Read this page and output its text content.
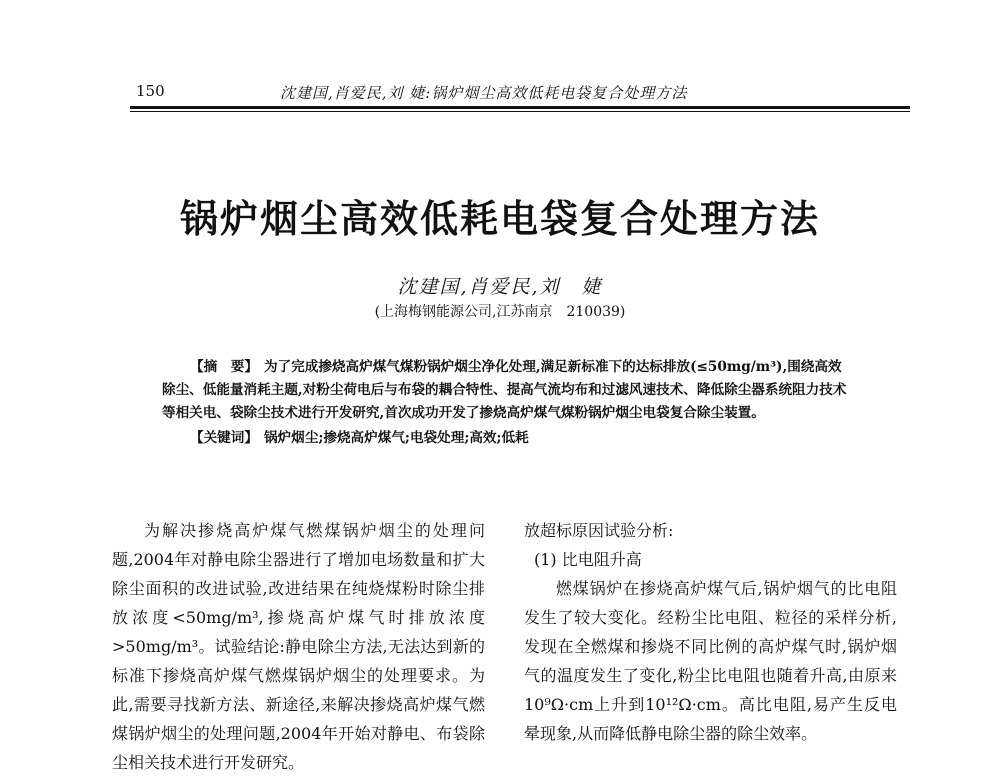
150	沈建国,肖爱民,刘 婕:锅炉烟尘高效低耗电袋复合处理方法
锅炉烟尘高效低耗电袋复合处理方法
沈建国,肖爱民,刘　婕
(上海梅钢能源公司,江苏南京　210039)

【摘　要】 为了完成掺烧高炉煤气煤粉锅炉烟尘净化处理,满足新标准下的达标排放(≤50mg/m³),围绕高效除尘、低能量消耗主题,对粉尘荷电后与布袋的耦合特性、提高气流均布和过滤风速技术、降低除尘器系统阻力技术等相关电、袋除尘技术进行开发研究,首次成功开发了掺烧高炉煤气煤粉锅炉烟尘电袋复合除尘装置。

【关键词】 锅炉烟尘;掺烧高炉煤气;电袋处理;高效;低耗

为解决掺烧高炉煤气燃煤锅炉烟尘的处理问题,2004年对静电除尘器进行了增加电场数量和扩大除尘面积的改进试验,改进结果在纯烧煤粉时除尘排放浓度<50mg/m³,掺烧高炉煤气时排放浓度>50mg/m³。试验结论:静电除尘方法,无法达到新的标准下掺烧高炉煤气燃煤锅炉烟尘的处理要求。为此,需要寻找新方法、新途径,来解决掺烧高炉煤气燃煤锅炉烟尘的处理问题,2004年开始对静电、布袋除尘相关技术进行开发研究。

放超标原因试验分析:

(1) 比电阻升高

燃煤锅炉在掺烧高炉煤气后,锅炉烟气的比电阻发生了较大变化。经粉尘比电阻、粒径的采样分析,发现在全燃煤和掺烧不同比例的高炉煤气时,锅炉烟气的温度发生了变化,粉尘比电阻也随着升高,由原来10⁹Ω·cm上升到10¹²Ω·cm。高比电阻,易产生反电晕现象,从而降低静电除尘器的除尘效率。
